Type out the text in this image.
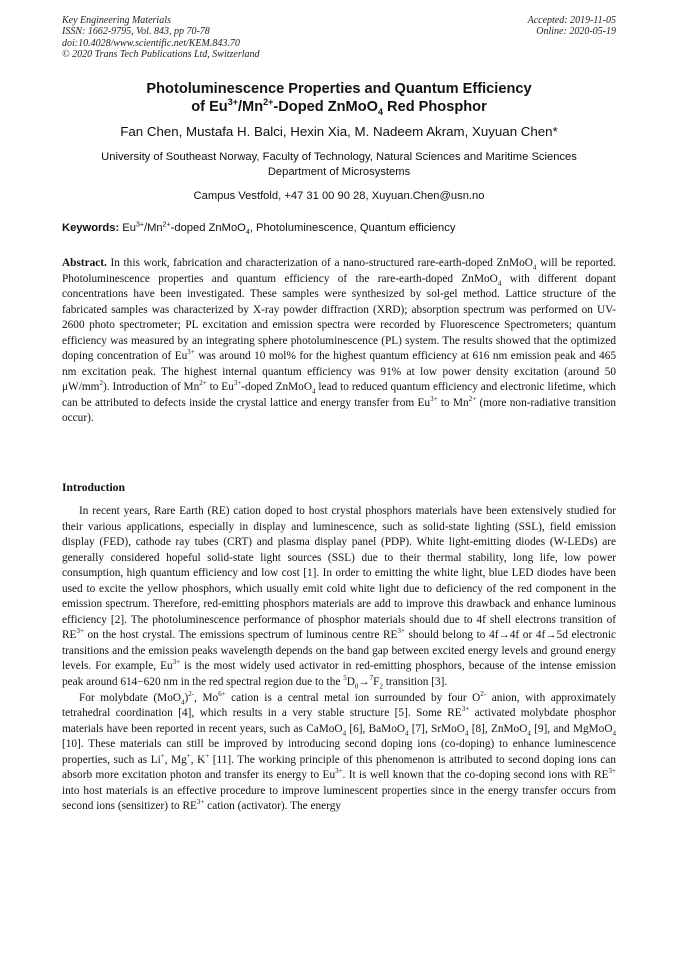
Key Engineering Materials
ISSN: 1662-9795, Vol. 843, pp 70-78
doi:10.4028/www.scientific.net/KEM.843.70
© 2020 Trans Tech Publications Ltd, Switzerland
Accepted: 2019-11-05
Online: 2020-05-19
Photoluminescence Properties and Quantum Efficiency
of $Eu^{3+}/Mn^{2+}$-Doped ZnMoO$_4$ Red Phosphor
Fan Chen, Mustafa H. Balci, Hexin Xia, M. Nadeem Akram, Xuyuan Chen*
University of Southeast Norway, Faculty of Technology, Natural Sciences and Maritime Sciences
Department of Microsystems
Campus Vestfold, +47 31 00 90 28, Xuyuan.Chen@usn.no
Keywords: $Eu^{3+}/Mn^{2+}$-doped ZnMoO$_4$, Photoluminescence, Quantum efficiency

Abstract. In this work, fabrication and characterization of a nano-structured rare-earth-doped ZnMoO$_4$ will be reported. Photoluminescence properties and quantum efficiency of the rare-earth-doped ZnMoO$_4$ with different dopant concentrations have been investigated. These samples were synthesized by sol-gel method. Lattice structure of the fabricated samples was characterized by X-ray powder diffraction (XRD); absorption spectrum was performed on UV-2600 photo spectrometer; PL excitation and emission spectra were recorded by Fluorescence Spectrometers; quantum efficiency was measured by an integrating sphere photoluminescence (PL) system. The results showed that the optimized doping concentration of $Eu^{3+}$ was around 10 mol% for the highest quantum efficiency at 616 nm emission peak and 465 nm excitation peak. The highest internal quantum efficiency was 91% at low power density excitation (around 50 $\mu W/mm^2$). Introduction of $Mn^{2+}$ to $Eu^{3+}$-doped ZnMoO$_4$ lead to reduced quantum efficiency and electronic lifetime, which can be attributed to defects inside the crystal lattice and energy transfer from $Eu^{3+}$ to $Mn^{2+}$ (more non-radiative transition occur).

Introduction

In recent years, Rare Earth (RE) cation doped to host crystal phosphors materials have been extensively studied for their various applications, especially in display and luminescence, such as solid-state lighting (SSL), field emission display (FED), cathode ray tubes (CRT) and plasma display panel (PDP). White light-emitting diodes (W-LEDs) are generally considered hopeful solid-state light sources (SSL) due to their thermal stability, long life, low power consumption, high quantum efficiency and low cost [1]. In order to emitting the white light, blue LED diodes have been used to excite the yellow phosphors, which usually emit cold white light due to deficiency of the red component in the emission spectrum. Therefore, red-emitting phosphors materials are add to improve this drawback and enhance luminous efficiency [2]. The photoluminescence performance of phosphor materials should due to 4f shell electrons transition of $RE^{3+}$ on the host crystal. The emissions spectrum of luminous centre $RE^{3+}$ should belong to 4f→4f or 4f→5d electronic transitions and the emission peaks wavelength depends on the band gap between excited energy levels and ground energy levels. For example, $Eu^{3+}$ is the most widely used activator in red-emitting phosphors, because of the intense emission peak around 614−620 nm in the red spectral region due to the $^5D_0\to^7F_2$ transition [3].

For molybdate $(MoO_4)^{2-}$, $Mo^{6+}$ cation is a central metal ion surrounded by four $O^{2-}$ anion, with approximately tetrahedral coordination [4], which results in a very stable structure [5]. Some $RE^{3+}$ activated molybdate phosphor materials have been reported in recent years, such as CaMoO$_4$ [6], BaMoO$_4$ [7], SrMoO$_4$ [8], ZnMoO$_4$ [9], and MgMoO$_4$ [10]. These materials can still be improved by introducing second doping ions (co-doping) to enhance luminescence properties, such as Li+, Mg+, K+ [11]. The working principle of this phenomenon is attributed to second doping ions can absorb more excitation photon and transfer its energy to $Eu^{3+}$. It is well known that the co-doping second ions with $RE^{3+}$ into host materials is an effective procedure to improve luminescent properties since in the energy transfer occurs from second ions (sensitizer) to $RE^{3+}$ cation (activator). The energy
